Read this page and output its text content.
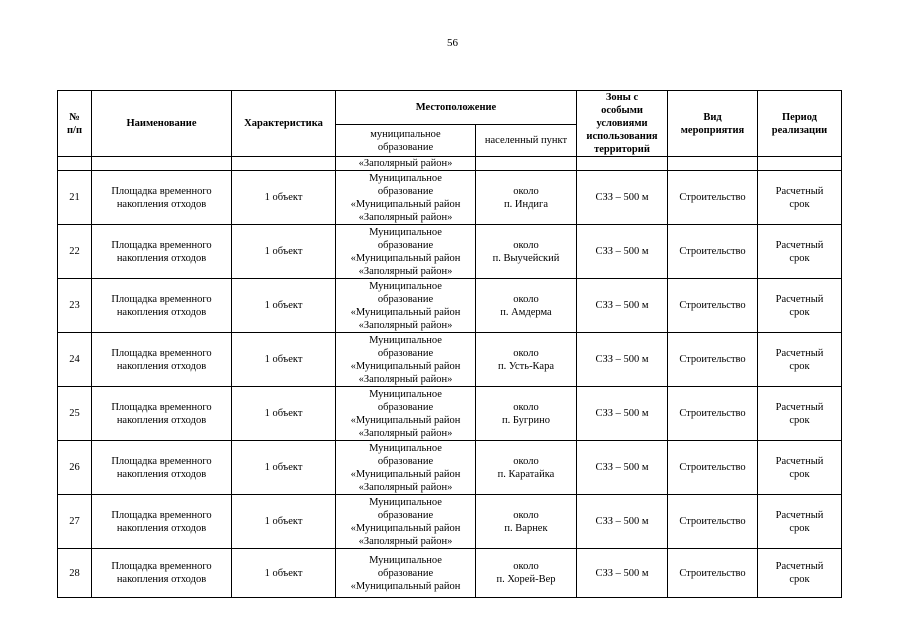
56
№
п/п	Наименование	Характеристика	Местоположение		Зоны с
особыми
условиями
использования
территорий	Вид
мероприятия	Период
реализации

			муниципальное
образование	населенный пункт			
			«Заполярный район»				
21	Площадка временного
накопления отходов	1 объект	Муниципальное
образование
«Муниципальный район
«Заполярный район»	около
п. Индига	СЗЗ – 500 м	Строительство	Расчетный
срок

22	Площадка временного
накопления отходов	1 объект	Муниципальное
образование
«Муниципальный район
«Заполярный район»	около
п. Выучейский	СЗЗ – 500 м	Строительство	Расчетный
срок

23	Площадка временного
накопления отходов	1 объект	Муниципальное
образование
«Муниципальный район
«Заполярный район»	около
п. Амдерма	СЗЗ – 500 м	Строительство	Расчетный
срок

24	Площадка временного
накопления отходов	1 объект	Муниципальное
образование
«Муниципальный район
«Заполярный район»	около
п. Усть-Кара	СЗЗ – 500 м	Строительство	Расчетный
срок

25	Площадка временного
накопления отходов	1 объект	Муниципальное
образование
«Муниципальный район
«Заполярный район»	около
п. Бугрино	СЗЗ – 500 м	Строительство	Расчетный
срок

26	Площадка временного
накопления отходов	1 объект	Муниципальное
образование
«Муниципальный район
«Заполярный район»	около
п. Каратайка	СЗЗ – 500 м	Строительство	Расчетный
срок

27	Площадка временного
накопления отходов	1 объект	Муниципальное
образование
«Муниципальный район
«Заполярный район»	около
п. Варнек	СЗЗ – 500 м	Строительство	Расчетный
срок

28	Площадка временного
накопления отходов	1 объект	Муниципальное
образование
«Муниципальный район	около
п. Хорей-Вер	СЗЗ – 500 м	Строительство	Расчетный
срок
